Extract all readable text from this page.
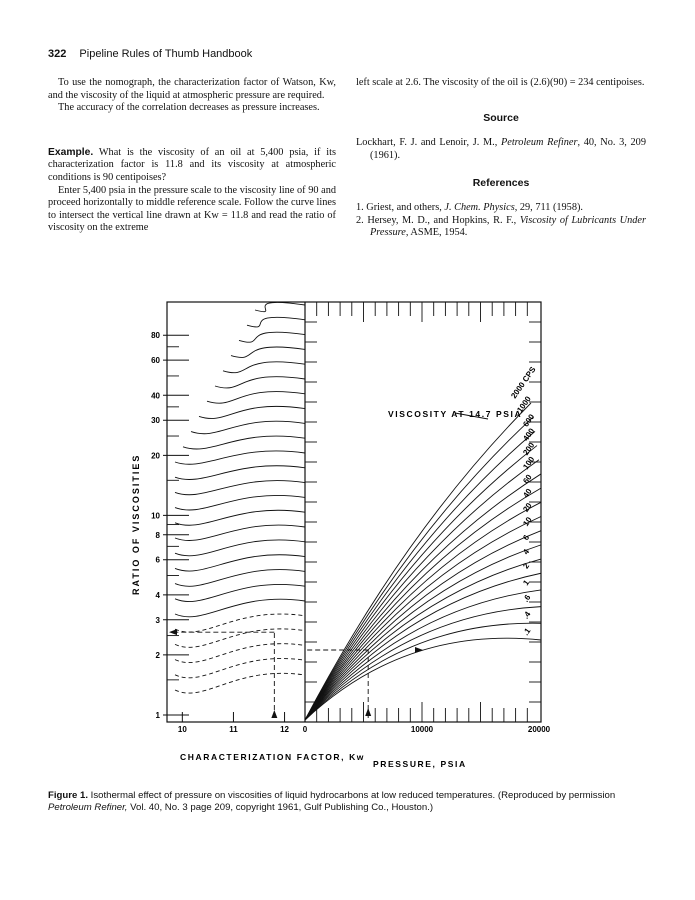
322 Pipeline Rules of Thumb Handbook

To use the nomograph, the characterization factor of Watson, Kw, and the viscosity of the liquid at atmospheric pressure are required.

The accuracy of the correlation decreases as pressure increases.

Example. What is the viscosity of an oil at 5,400 psia, if its characterization factor is 11.8 and its viscosity at atmospheric conditions is 90 centipoises?

Enter 5,400 psia in the pressure scale to the viscosity line of 90 and proceed horizontally to middle reference scale. Follow the curve lines to intersect the vertical line drawn at Kw = 11.8 and read the ratio of viscosity on the extreme

left scale at 2.6. The viscosity of the oil is (2.6)(90) = 234 centipoises.

Source

Lockhart, F. J. and Lenoir, J. M., Petroleum Refiner, 40, No. 3, 209 (1961).

References

1. Griest, and others, J. Chem. Physics, 29, 711 (1958).

2. Hersey, M. D., and Hopkins, R. F., Viscosity of Lubricants Under Pressure, ASME, 1954.

1
2
3
4
6
8
10
20
30
40
60
80
10	11	12 0	10000	20000
2000 CPS
1000
600
400
200
100
60
40
20
10
6
4
2
1
.6
.4
.1
RATIO OF VISCOSITIES
CHARACTERIZATION FACTOR, Kw
PRESSURE, PSIA
VISCOSITY AT 14.7 PSIA
Figure 1. Isothermal effect of pressure on viscosities of liquid hydrocarbons at low reduced temperatures. (Reproduced by permission Petroleum Refiner, Vol. 40, No. 3 page 209, copyright 1961, Gulf Publishing Co., Houston.)
